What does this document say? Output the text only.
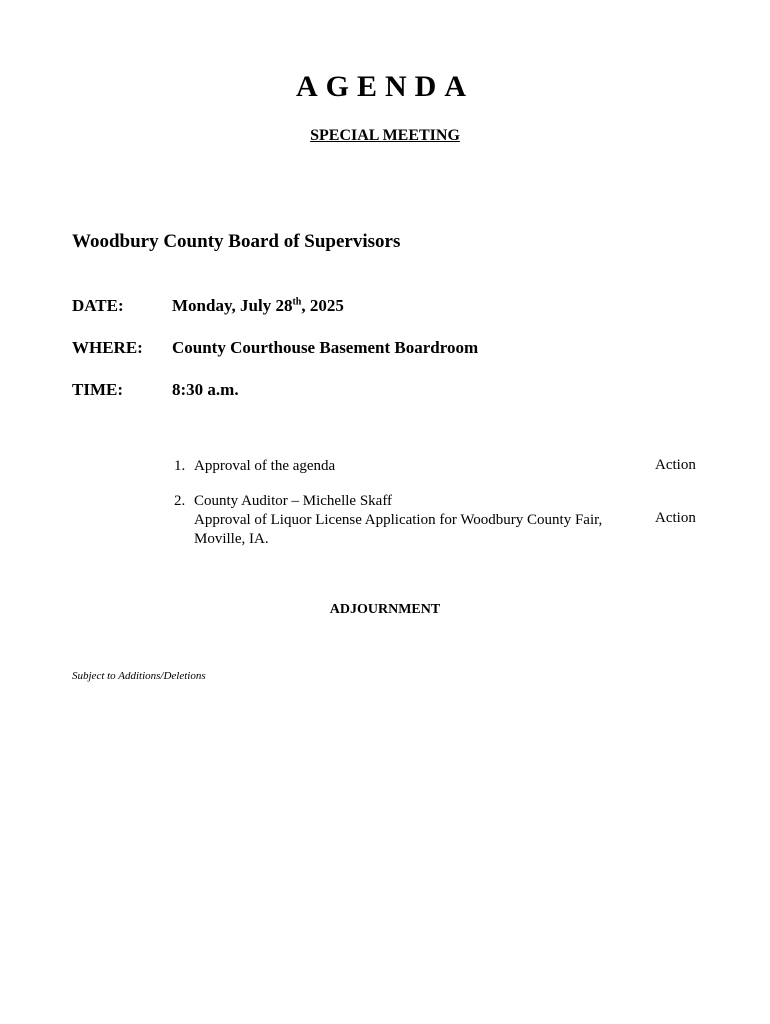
AGENDA
SPECIAL MEETING
Woodbury County Board of Supervisors
DATE:	Monday, July 28th, 2025
WHERE: County Courthouse Basement Boardroom
TIME:	8:30 a.m.
1. Approval of the agenda	Action
2. County Auditor – Michelle Skaff
Approval of Liquor License Application for Woodbury County Fair,
Moville, IA.
Action
ADJOURNMENT
Subject to Additions/Deletions
